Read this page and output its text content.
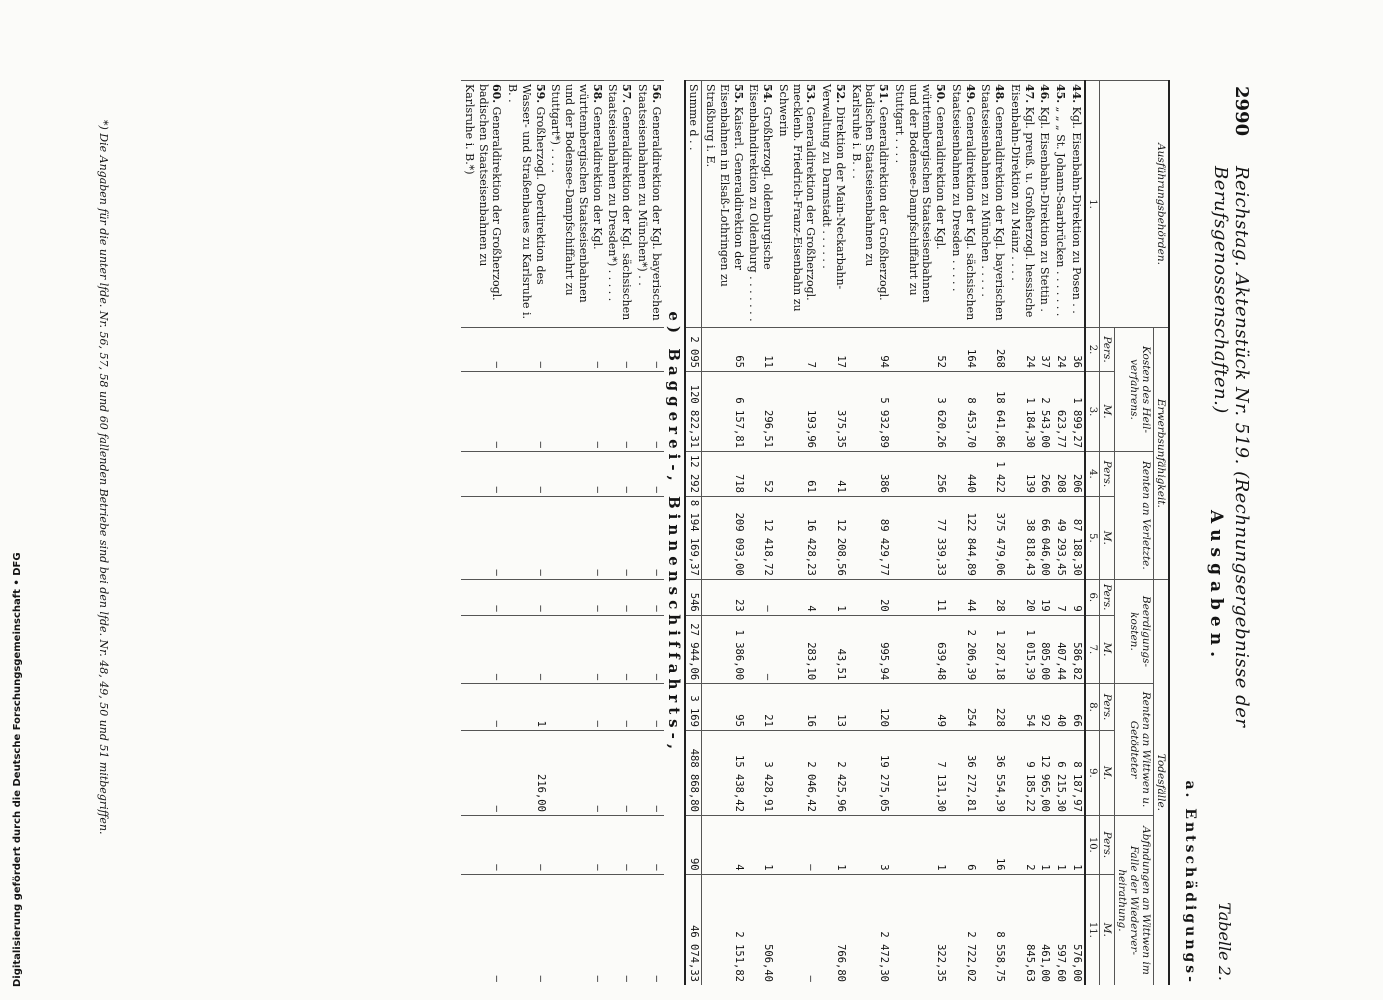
2990
Reichstag. Aktenstück Nr. 519. (Rechnungsergebnisse der Berufsgenossenschaften.)
Tabelle 2.
Ausgaben.
a. Entschädigungs-
Ausführungsbehörden.	Erwerbsunfähigkeit.				Todesfälle.					
	Kosten des Heil- verfahrens.		Renten an Verletzte.		Beerdigungs- kosten.		Renten an Wittwen u. Getödteter		Abfindungen an Wittwen im Falle der Wiederver- heirathung.	
	Pers.	M.	Pers.	M.	Pers.	M.	Pers.	M.	Pers.	M.
1.	2.	3.	4.	5.	6.	7.	8.	9.	10.	11.
44. Kgl. Eisenbahn-Direktion zu Posen . .	36	1 899,27	206	87 188,30	9	586,82	66	8 187,97	1	576,00
45. „ „ „ St. Johann-Saarbrücken . . . . . . .	24	623,77	208	49 293,45	7	407,44	40	6 215,30	1	597,60
46. Kgl. Eisenbahn-Direktion zu Stettin .	37	2 543,00	266	66 046,00	19	805,00	92	12 965,00	1	461,00
47. Kgl. preuß. u. Großherzogl. hessische Eisenbahn-Direktion zu Mainz . . . .	24	1 184,30	139	38 818,43	20	1 015,39	54	9 185,22	2	845,63
48. Generaldirektion der Kgl. bayerischen Staatseisenbahnen zu München . . . . .	268	18 641,86	1 422	375 479,06	28	1 287,18	228	36 554,39	16	8 558,75
49. Generaldirektion der Kgl. sächsischen Staatseisenbahnen zu Dresden . . . . .	164	8 453,70	440	122 844,89	44	2 206,39	254	36 272,81	6	2 722,02
50. Generaldirektion der Kgl. württembergischen Staatseisenbahnen und der Bodensee-Dampfschiffahrt zu Stuttgart . . . .	52	3 620,26	256	77 339,33	11	639,48	49	7 131,30	1	322,35
51. Generaldirektion der Großherzogl. badischen Staatseisenbahnen zu Karlsruhe i. B. . .	94	5 932,89	386	89 429,77	20	995,94	120	19 275,05	3	2 472,30
52. Direktion der Main-Neckarbahn-Verwaltung zu Darmstadt . . . . . .	17	375,35	41	12 208,56	1	43,51	13	2 425,96	1	766,80
53. Generaldirektion der Großherzogl. mecklenb. Friedrich-Franz-Eisenbahn zu Schwerin	7	193,96	61	16 428,23	4	283,10	16	2 046,42	—	—
54. Großherzogl. oldenburgische Eisenbahndirektion zu Oldenburg . . . . . . .	11	296,51	52	12 418,72	—	—	21	3 428,91	1	506,40
55. Kaiserl. Generaldirektion der Eisenbahnen in Elsaß-Lothringen zu Straßburg i. E.	65	6 157,81	718	209 093,00	23	1 386,00	95	15 438,42	4	2 151,82
Summe d . .	2 095	120 822,31	12 292	8 194 169,37	546	27 944,06	3 169	488 868,80	90	46 074,33
e) Baggerei-, Binnenschiffahrts-,										
56. Generaldirektion der Kgl. bayerischen Staatseisenbahnen zu München*) . .	—	—	—	—	—	—	—	—	—	—
57. Generaldirektion der Kgl. sächsischen Staatseisenbahnen zu Dresden*) . . . . .	—	—	—	—	—	—	—	—	—	—
58. Generaldirektion der Kgl. württembergischen Staatseisenbahnen und der Bodensee-Dampfschiffahrt zu Stuttgart*) . . . .	—	—	—	—	—	—	—	—	—	—
59. Großherzogl. Oberdirektion des Wasser- und Straßenbaues zu Karlsruhe i. B. .	—	—	—	—	—	—	1	216,00	—	—
60. Generaldirektion der Großherzogl. badischen Staatseisenbahnen zu Karlsruhe i. B.*)	—	—	—	—	—	—	—	—	—	—
*) Die Angaben für die unter lfde. Nr. 56, 57, 58 und 60 fallenden Betriebe sind bei den lfde. Nr. 48, 49, 50 und 51 mitbegriffen.
Digitalisierung gefördert durch die Deutsche Forschungsgemeinschaft • DFG
